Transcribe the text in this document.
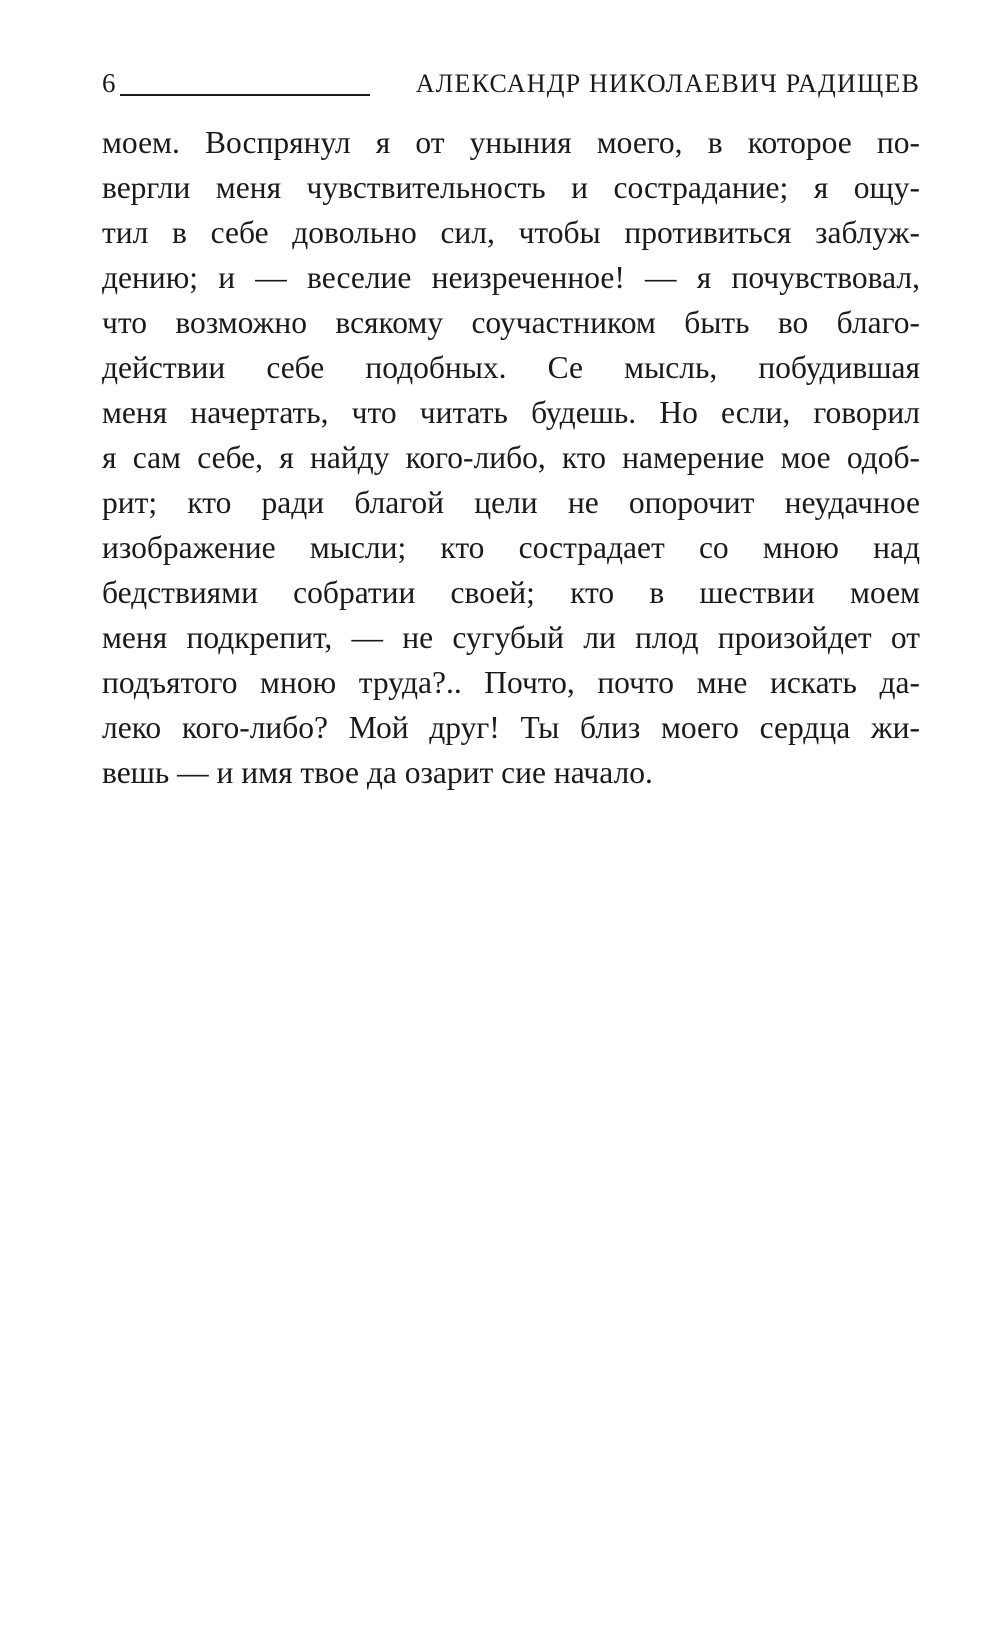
6	АЛЕКСАНДР НИКОЛАЕВИЧ РАДИЩЕВ
моем. Воспрянул я от уныния моего, в которое по-
вергли меня чувствительность и сострадание; я ощу-
тил в себе довольно сил, чтобы противиться заблуж-
дению; и — веселие неизреченное! — я почувствовал,
что возможно всякому соучастником быть во благо-
действии себе подобных. Се мысль, побудившая
меня начертать, что читать будешь. Но если, говорил
я сам себе, я найду кого-либо, кто намерение мое одоб-
рит; кто ради благой цели не опорочит неудачное
изображение мысли; кто сострадает со мною над
бедствиями собратии своей; кто в шествии моем
меня подкрепит, — не сугубый ли плод произойдет от
подъятого мною труда?.. Почто, почто мне искать да-
леко кого-либо? Мой друг! Ты близ моего сердца жи-
вешь — и имя твое да озарит сие начало.
